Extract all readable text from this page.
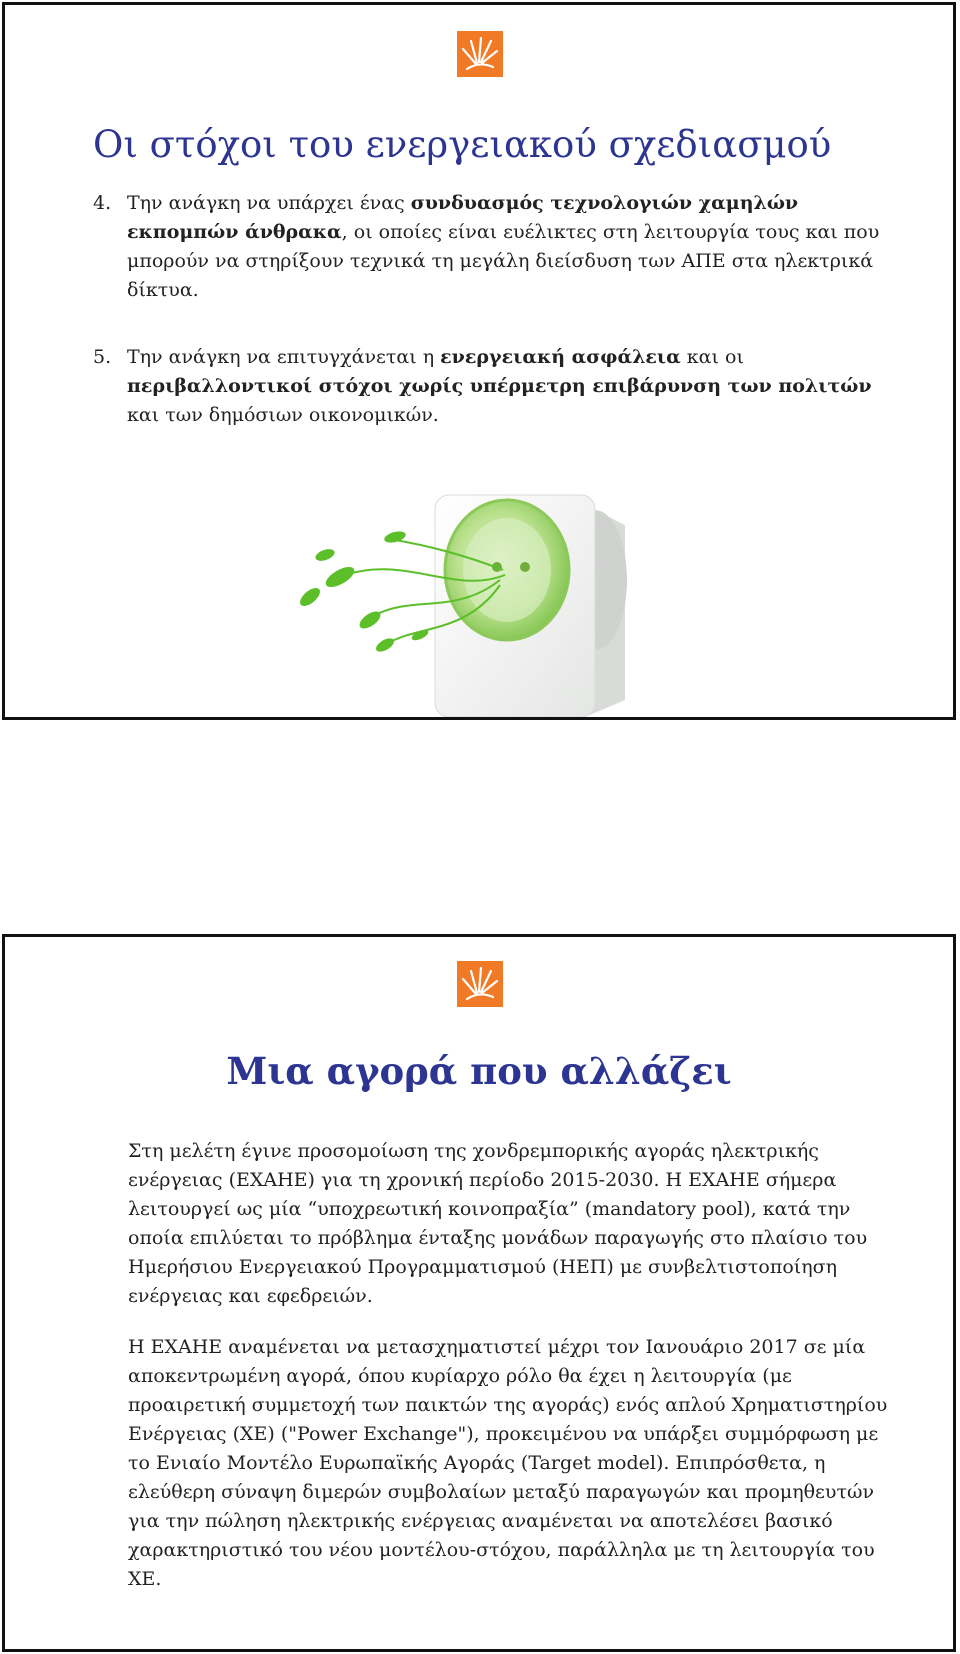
Οι στόχοι του ενεργειακού σχεδιασμού
4. Την ανάγκη να υπάρχει ένας συνδυασμός τεχνολογιών χαμηλών εκπομπών άνθρακα, οι οποίες είναι ευέλικτες στη λειτουργία τους και που μπορούν να στηρίξουν τεχνικά τη μεγάλη διείσδυση των ΑΠΕ στα ηλεκτρικά δίκτυα.
5. Την ανάγκη να επιτυγχάνεται η ενεργειακή ασφάλεια και οι περιβαλλοντικοί στόχοι χωρίς υπέρμετρη επιβάρυνση των πολιτών και των δημόσιων οικονομικών.
Μια αγορά που αλλάζει
Στη μελέτη έγινε προσομοίωση της χονδρεμπορικής αγοράς ηλεκτρικής ενέργειας (ΕΧΑΗΕ) για τη χρονική περίοδο 2015-2030. Η ΕΧΑΗΕ σήμερα λειτουργεί ως μία “υποχρεωτική κοινοπραξία” (mandatory pool), κατά την οποία επιλύεται το πρόβλημα ένταξης μονάδων παραγωγής στο πλαίσιο του Ημερήσιου Ενεργειακού Προγραμματισμού (ΗΕΠ) με συνβελτιστοποίηση ενέργειας και εφεδρειών.
Η ΕΧΑΗΕ αναμένεται να μετασχηματιστεί μέχρι τον Ιανουάριο 2017 σε μία αποκεντρωμένη αγορά, όπου κυρίαρχο ρόλο θα έχει η λειτουργία (με προαιρετική συμμετοχή των παικτών της αγοράς) ενός απλού Χρηματιστηρίου Ενέργειας (ΧΕ) ("Power Exchange"), προκειμένου να υπάρξει συμμόρφωση με το Ενιαίο Μοντέλο Ευρωπαϊκής Αγοράς (Target model). Επιπρόσθετα, η ελεύθερη σύναψη διμερών συμβολαίων μεταξύ παραγωγών και προμηθευτών για την πώληση ηλεκτρικής ενέργειας αναμένεται να αποτελέσει βασικό χαρακτηριστικό του νέου μοντέλου-στόχου, παράλληλα με τη λειτουργία του ΧΕ.
